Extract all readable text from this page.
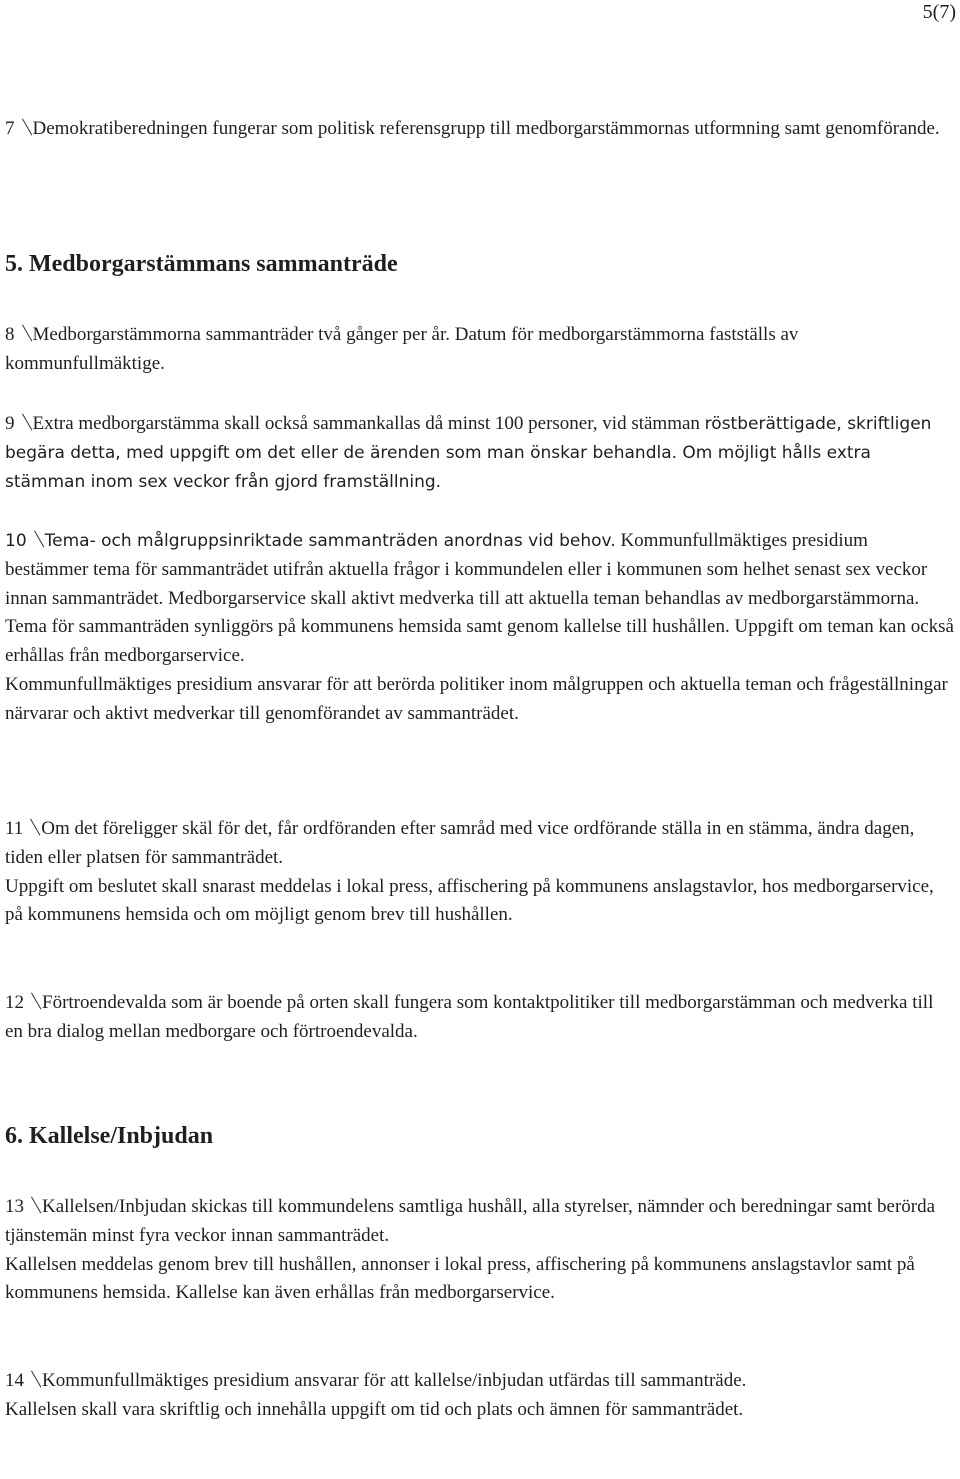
5(7)

7 Demokratiberedningen fungerar som politisk referensgrupp till medborgarstämmornas utformning samt genomförande.

5. Medborgarstämmans sammanträde

8 Medborgarstämmorna sammanträder två gånger per år. Datum för medborgarstämmorna fastställs av kommunfullmäktige.

9 Extra medborgarstämma skall också sammankallas då minst 100 personer, vid stämman röstberättigade, skriftligen begära detta, med uppgift om det eller de ärenden som man önskar behandla. Om möjligt hålls extra stämman inom sex veckor från gjord framställning.

10 Tema- och målgruppsinriktade sammanträden anordnas vid behov. Kommunfullmäktiges presidium bestämmer tema för sammanträdet utifrån aktuella frågor i kommundelen eller i kommunen som helhet senast sex veckor innan sammanträdet. Medborgarservice skall aktivt medverka till att aktuella teman behandlas av medborgarstämmorna. Tema för sammanträden synliggörs på kommunens hemsida samt genom kallelse till hushållen. Uppgift om teman kan också erhållas från medborgarservice.
Kommunfullmäktiges presidium ansvarar för att berörda politiker inom målgruppen och aktuella teman och frågeställningar närvarar och aktivt medverkar till genomförandet av sammanträdet.

11 Om det föreligger skäl för det, får ordföranden efter samråd med vice ordförande ställa in en stämma, ändra dagen, tiden eller platsen för sammanträdet.
Uppgift om beslutet skall snarast meddelas i lokal press, affischering på kommunens anslagstavlor, hos medborgarservice, på kommunens hemsida och om möjligt genom brev till hushållen.

12 Förtroendevalda som är boende på orten skall fungera som kontaktpolitiker till medborgarstämman och medverka till en bra dialog mellan medborgare och förtroendevalda.

6. Kallelse/Inbjudan

13 Kallelsen/Inbjudan skickas till kommundelens samtliga hushåll, alla styrelser, nämnder och beredningar samt berörda tjänstemän minst fyra veckor innan sammanträdet.
Kallelsen meddelas genom brev till hushållen, annonser i lokal press, affischering på kommunens anslagstavlor samt på kommunens hemsida. Kallelse kan även erhållas från medborgarservice.

14 Kommunfullmäktiges presidium ansvarar för att kallelse/inbjudan utfärdas till sammanträde.
Kallelsen skall vara skriftlig och innehålla uppgift om tid och plats och ämnen för sammanträdet.
